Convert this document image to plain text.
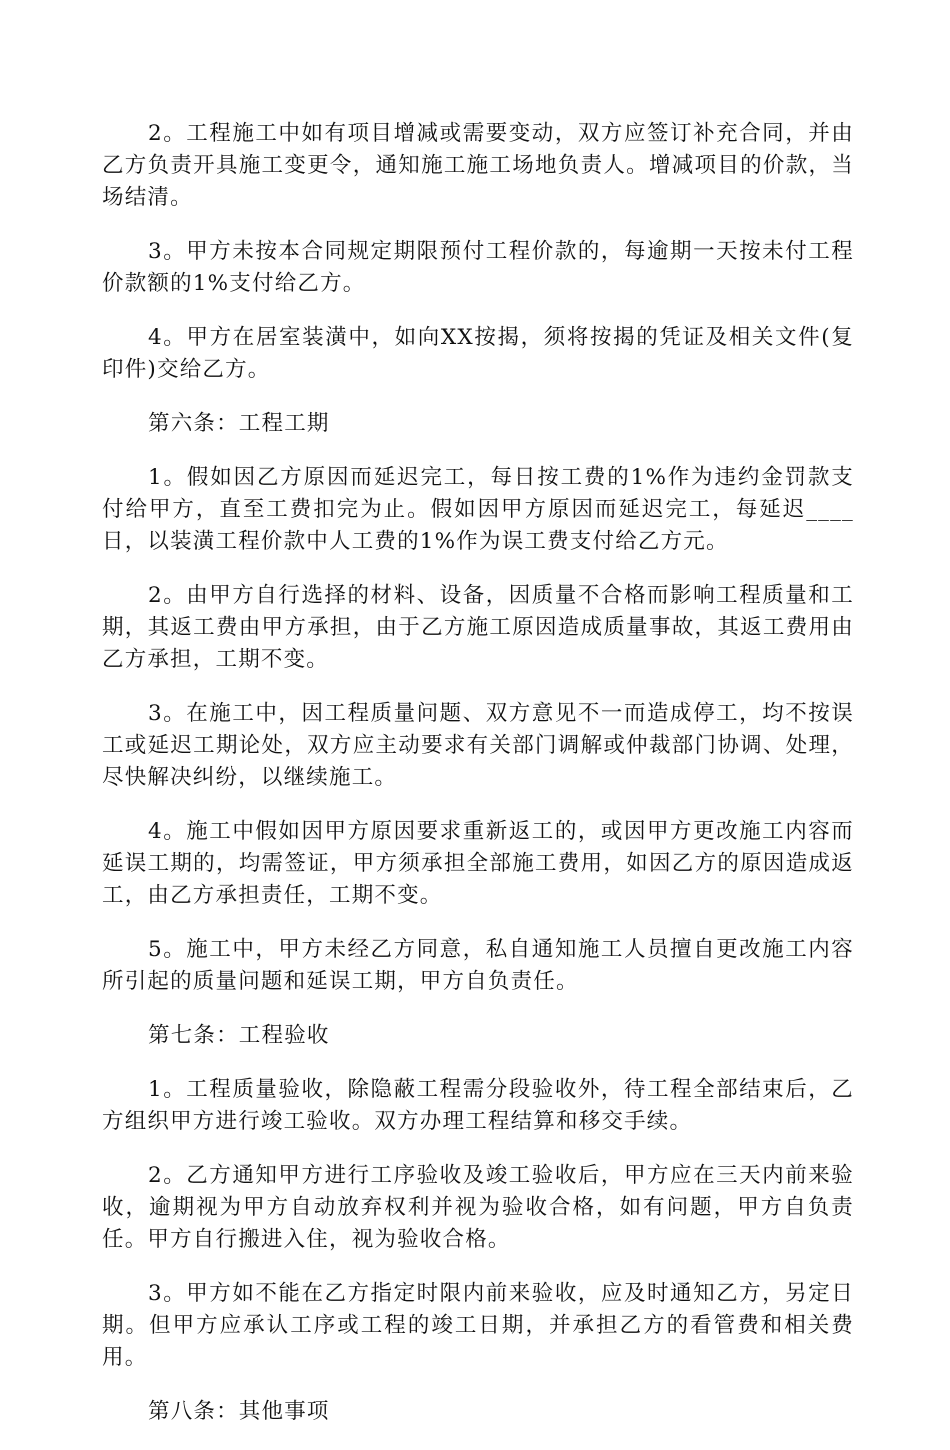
2。工程施工中如有项目增减或需要变动，双方应签订补充合同，并由乙方负责开具施工变更令，通知施工施工场地负责人。增减项目的价款，当场结清。

3。甲方未按本合同规定期限预付工程价款的，每逾期一天按未付工程价款额的1%支付给乙方。

4。甲方在居室装潢中，如向XX按揭，须将按揭的凭证及相关文件(复印件)交给乙方。

第六条：工程工期

1。假如因乙方原因而延迟完工，每日按工费的1%作为违约金罚款支付给甲方，直至工费扣完为止。假如因甲方原因而延迟完工，每延迟____日，以装潢工程价款中人工费的1%作为误工费支付给乙方元。

2。由甲方自行选择的材料、设备，因质量不合格而影响工程质量和工期，其返工费由甲方承担，由于乙方施工原因造成质量事故，其返工费用由乙方承担，工期不变。

3。在施工中，因工程质量问题、双方意见不一而造成停工，均不按误工或延迟工期论处，双方应主动要求有关部门调解或仲裁部门协调、处理，尽快解决纠纷，以继续施工。

4。施工中假如因甲方原因要求重新返工的，或因甲方更改施工内容而延误工期的，均需签证，甲方须承担全部施工费用，如因乙方的原因造成返工，由乙方承担责任，工期不变。

5。施工中，甲方未经乙方同意，私自通知施工人员擅自更改施工内容所引起的质量问题和延误工期，甲方自负责任。

第七条：工程验收

1。工程质量验收，除隐蔽工程需分段验收外，待工程全部结束后，乙方组织甲方进行竣工验收。双方办理工程结算和移交手续。

2。乙方通知甲方进行工序验收及竣工验收后，甲方应在三天内前来验收，逾期视为甲方自动放弃权利并视为验收合格，如有问题，甲方自负责任。甲方自行搬进入住，视为验收合格。

3。甲方如不能在乙方指定时限内前来验收，应及时通知乙方，另定日期。但甲方应承认工序或工程的竣工日期，并承担乙方的看管费和相关费用。

第八条：其他事项
